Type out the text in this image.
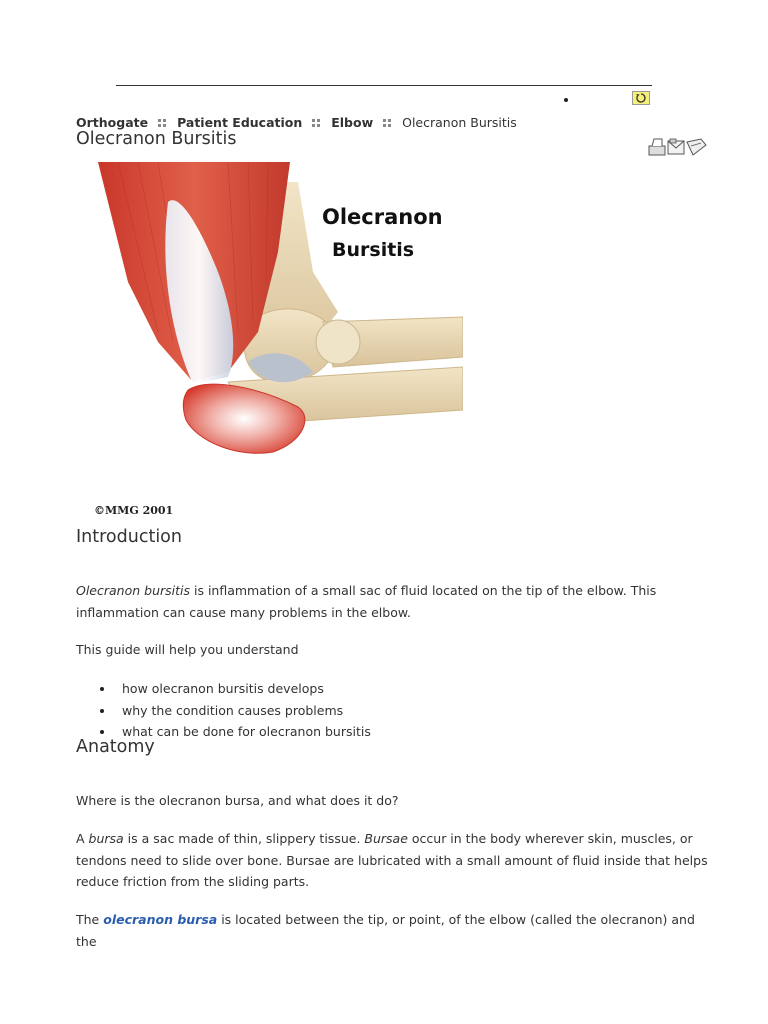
Orthogate Patient Education Elbow Olecranon Bursitis
Olecranon Bursitis
Olecranon
Bursitis
©MMG 2001
Introduction

Olecranon bursitis is inflammation of a small sac of fluid located on the tip of the elbow. This inflammation can cause many problems in the elbow.

This guide will help you understand

how olecranon bursitis develops
why the condition causes problems
what can be done for olecranon bursitis
Anatomy

Where is the olecranon bursa, and what does it do?

A bursa is a sac made of thin, slippery tissue. Bursae occur in the body wherever skin, muscles, or tendons need to slide over bone. Bursae are lubricated with a small amount of fluid inside that helps reduce friction from the sliding parts.

The olecranon bursa is located between the tip, or point, of the elbow (called the olecranon) and the
